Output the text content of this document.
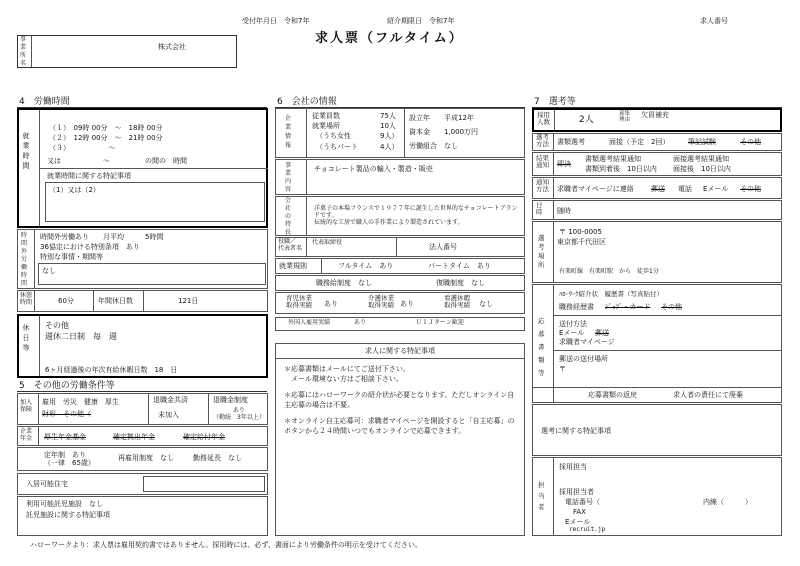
受付年月日　令和7年	紹介期限日　令和7年	求人番号
求人票（フルタイム）
事
業
所
名
株式会社
4　労働時間
就業時間
（１）　09時 00分　～　18時 00分
（２）　12時 00分　～　21時 00分
（３）　　　　　　～
又は　　　　　　～　　　　　の間の　時間
就業時間に関する特記事項
（1）又は（2）
時
間
外
労
働
時
間
時間外労働あり　　月平均　　　5時間
36協定における特別条項　あり
特別な事情・期間等
なし
休憩時間	60分	年間休日数	121日
休日等
その他
週休二日制　毎　週
6ヶ月経過後の年次有給休暇日数　18　日
5　その他の労働条件等
加入保険
雇用　労災　健康　厚生
財形　その他（
退職金共済
未加入
退職金制度
あり
（勤続　3年以上）
企業年金	厚生年金基金	確定拠出年金	確定給付年金
定年制　あり
（一律　65歳）
再雇用制度　なし	勤務延長　なし
入居可能住宅
利用可能託児施設　なし
託児施設に関する特記事項
6　会社の情報
企
業
情
報
従業員数	75人
就業場所	10人
（うち女性	9人）
（うちパート	4人）
設立年　　平成12年
資本金　　1,000万円
労働組合　なし
事
業
内
容
チョコレート製品の輸入・製造・販売
会
社
の
特
長
洋菓子の本場フランスで１９７７年に誕生した世界的なチョコレートブランドです。
伝統的な工房で職人の手作業により製造されています。
役職／
代表者名
代表取締役
法人番号
就業規則	フルタイム　あり	パートタイム　あり
職務給制度　なし	復職制度　なし
育児休業
取得実績 あり
介護休業
取得実績 あり
看護休暇
取得実績 なし
外国人雇用実績	あり	ＵＩＪターン歓迎
求人に関する特記事項
＊応募書類はメールにてご送付下さい。
　メール環境ない方はご相談下さい。
＊応募にはハローワークの紹介状が必要となります。ただしオンライン自主応募の場合は不要。
＊オンライン自主応募可：求職者マイページを開設すると「自主応募」のボタンから２４時間いつでもオンラインで応募できます。
7　選考等
採用
人数	2人
募集
理由
欠員補充
選考
方法 書類選考	面接（予定　2回）	筆記試験	その他
結果
通知 即決
書類選考結果通知
書類到着後　10日以内
面接選考結果通知
面接後　10日以内
通知
方法 求職者マイページに連絡 郵送 電話 Eメール その他
日時	随時
選
考
場
所
〒 100-0005
東京都千代田区
有楽町線　有楽町駅　から　徒歩1分
応
募
書
類
等
ﾊﾛｰﾜｰｸ紹介状　履歴書（写真貼付）
職務経歴書 ｼﾞｮﾌﾞ・カード その他
送付方法
Eメール 郵送
求職者マイページ
郵送の送付場所
〒
応募書類の返戻	求人者の責任にて廃棄
選考に関する特記事項
担
当
者
採用担当
採用担当者
電話番号（	内線（　　　）
FAX
Eメール
recruit.jp
ハローワークより：求人票は雇用契約書ではありません。採用時には、必ず、書面により労働条件の明示を受けてください。
